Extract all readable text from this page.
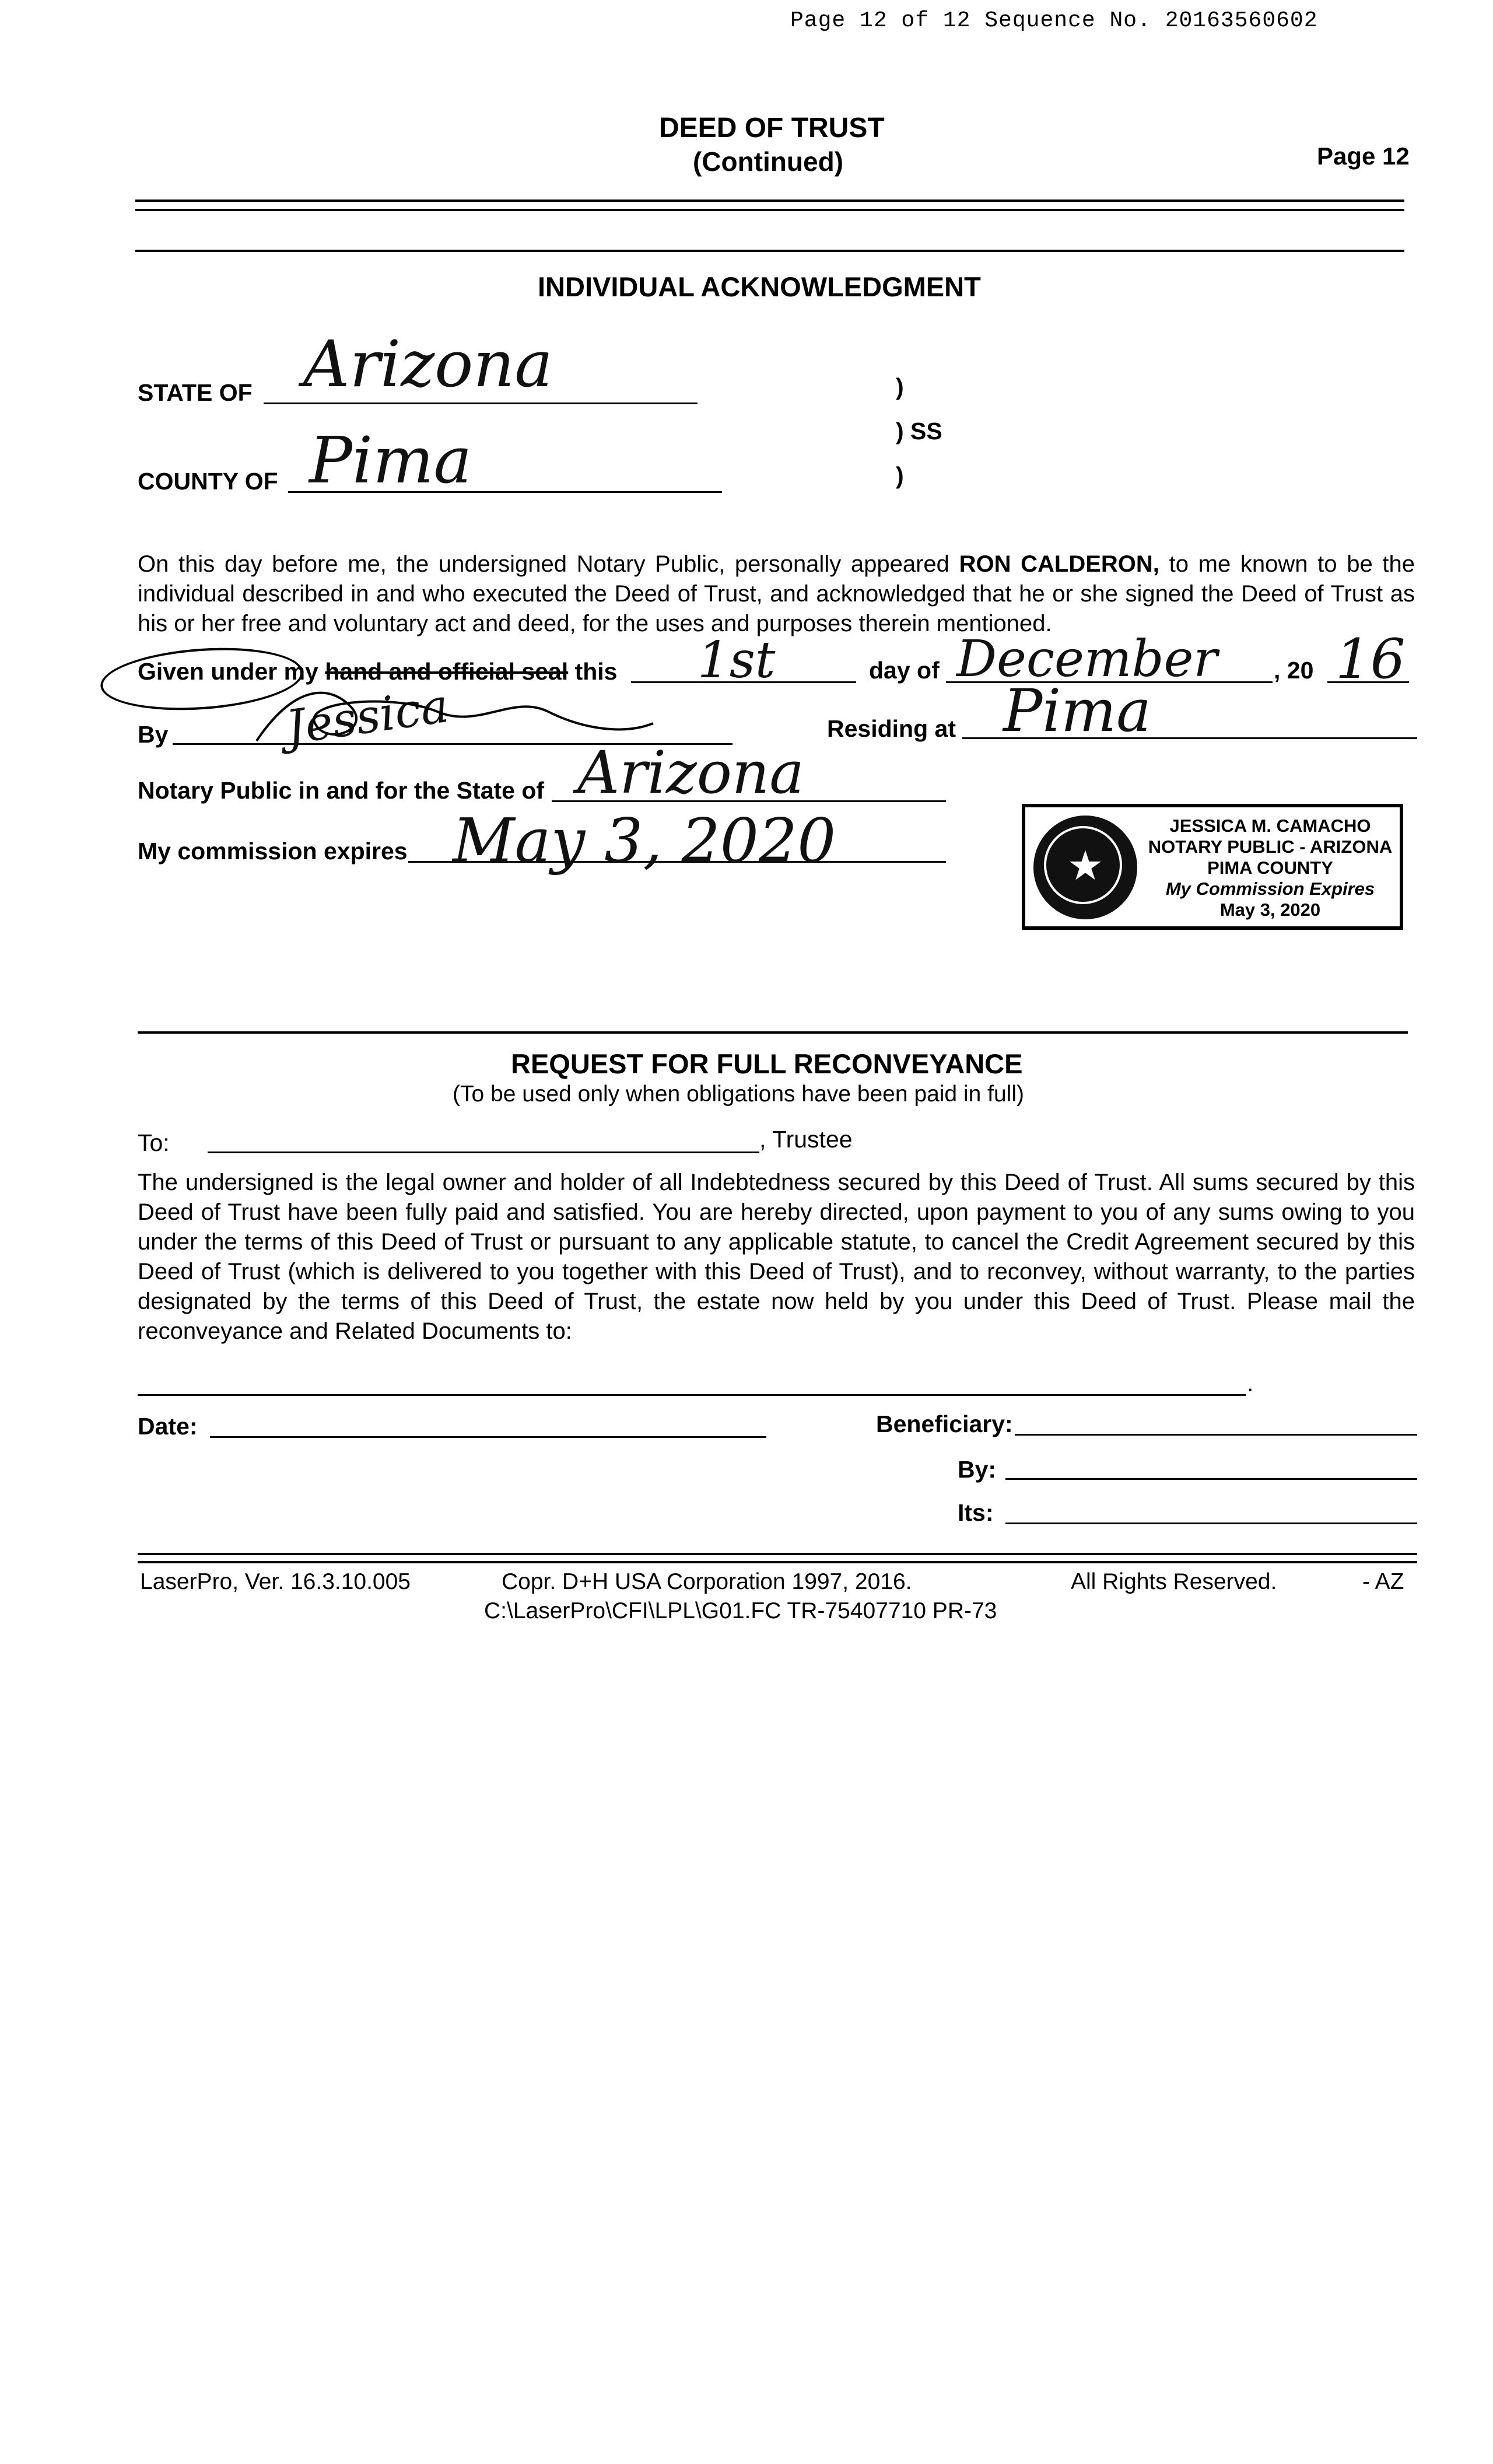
Page 12 of 12 Sequence No. 20163560602
DEED OF TRUST
(Continued)	Page 12
INDIVIDUAL ACKNOWLEDGMENT
STATE OF Arizona	)
) SS
COUNTY OF Pima	)
On this day before me, the undersigned Notary Public, personally appeared RON CALDERON, to me known to be the individual described in and who executed the Deed of Trust, and acknowledged that he or she signed the Deed of Trust as his or her free and voluntary act and deed, for the uses and purposes therein mentioned.
Given under my hand and official seal this 1st	day of December , 20 16
By Jessica	Residing at Pima
Notary Public in and for the State of Arizona
My commission expires May 3, 2020	★
JESSICA M. CAMACHO
NOTARY PUBLIC - ARIZONA
PIMA COUNTY
My Commission Expires
May 3, 2020
REQUEST FOR FULL RECONVEYANCE
(To be used only when obligations have been paid in full)
To:	, Trustee
The undersigned is the legal owner and holder of all Indebtedness secured by this Deed of Trust. All sums secured by this Deed of Trust have been fully paid and satisfied. You are hereby directed, upon payment to you of any sums owing to you under the terms of this Deed of Trust or pursuant to any applicable statute, to cancel the Credit Agreement secured by this Deed of Trust (which is delivered to you together with this Deed of Trust), and to reconvey, without warranty, to the parties designated by the terms of this Deed of Trust, the estate now held by you under this Deed of Trust. Please mail the reconveyance and Related Documents to:
.
Date:	Beneficiary:
By:
Its:
LaserPro, Ver. 16.3.10.005	Copr. D+H USA Corporation 1997, 2016.	All Rights Reserved.	- AZ
C:\LaserPro\CFI\LPL\G01.FC TR-75407710 PR-73
